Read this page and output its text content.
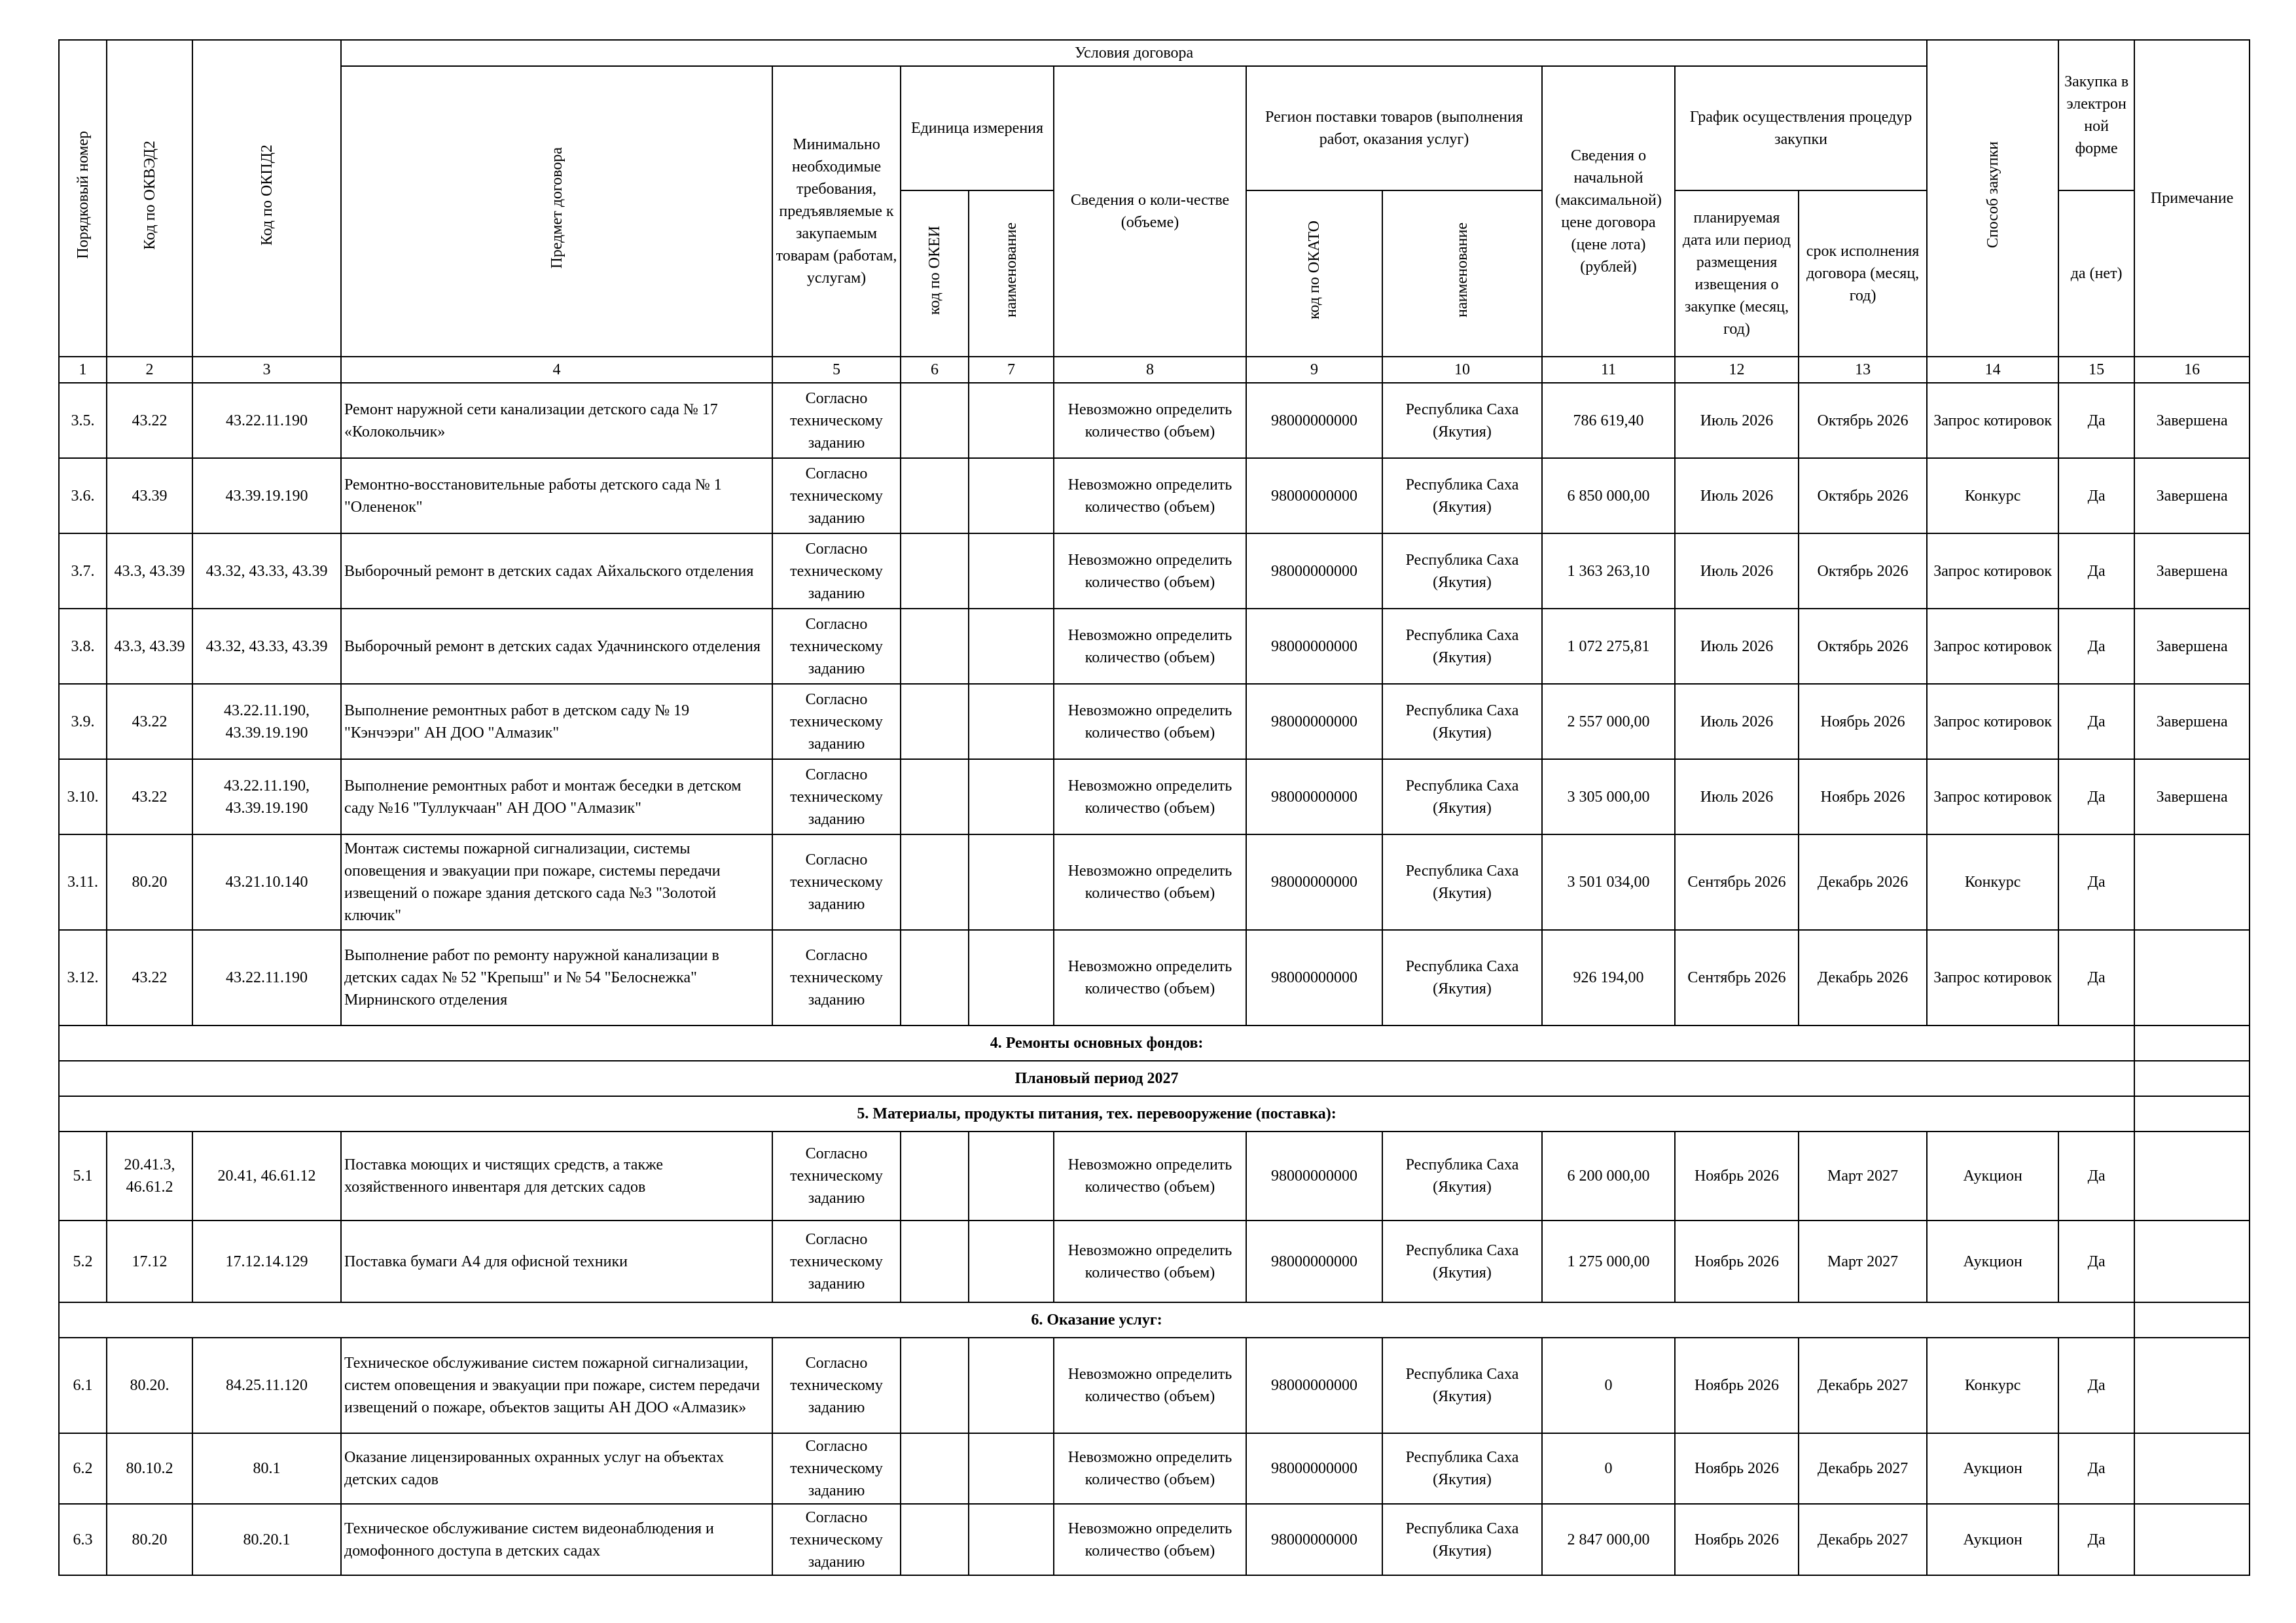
Порядковый номер	Код по ОКВЭД2	Код по ОКПД2	Условия договора										Способ закупки	Закупка в электрон ной форме	Примечание
			Предмет договора	Минимально необходимые требования, предъявляемые к закупаемым товарам (работам, услугам)	Единица измерения		Сведения о коли-честве (объеме)	Регион поставки товаров (выполнения работ, оказания услуг)		Сведения о начальной (максимальной) цене договора (цене лота) (рублей)	График осуществления процедур закупки				
					код по ОКЕИ	наименование		код по ОКАТО	наименование		планируемая дата или период размещения извещения о закупке (месяц, год)	срок исполнения договора (месяц, год)		да (нет)	
1	2	3	4	5	6	7	8	9	10	11	12	13	14	15	16
3.5.	43.22	43.22.11.190	Ремонт наружной сети канализации детского сада № 17 «Колокольчик»	Согласно техническому заданию			Невозможно определить количество (объем)	98000000000	Республика Саха (Якутия)	786 619,40	Июль 2026	Октябрь 2026	Запрос котировок	Да	Завершена
3.6.	43.39	43.39.19.190	Ремонтно-восстановительные работы детского сада № 1 "Олененок"	Согласно техническому заданию			Невозможно определить количество (объем)	98000000000	Республика Саха (Якутия)	6 850 000,00	Июль 2026	Октябрь 2026	Конкурс	Да	Завершена
3.7.	43.3, 43.39	43.32, 43.33, 43.39	Выборочный ремонт в детских садах Айхальского отделения	Согласно техническому заданию			Невозможно определить количество (объем)	98000000000	Республика Саха (Якутия)	1 363 263,10	Июль 2026	Октябрь 2026	Запрос котировок	Да	Завершена
3.8.	43.3, 43.39	43.32, 43.33, 43.39	Выборочный ремонт в детских садах Удачнинского отделения	Согласно техническому заданию			Невозможно определить количество (объем)	98000000000	Республика Саха (Якутия)	1 072 275,81	Июль 2026	Октябрь 2026	Запрос котировок	Да	Завершена
3.9.	43.22	43.22.11.190, 43.39.19.190	Выполнение ремонтных работ в детском саду № 19 "Кэнчээри" АН ДОО "Алмазик"	Согласно техническому заданию			Невозможно определить количество (объем)	98000000000	Республика Саха (Якутия)	2 557 000,00	Июль 2026	Ноябрь 2026	Запрос котировок	Да	Завершена
3.10.	43.22	43.22.11.190, 43.39.19.190	Выполнение ремонтных работ и монтаж беседки в детском саду №16 "Туллукчаан" АН ДОО "Алмазик"	Согласно техническому заданию			Невозможно определить количество (объем)	98000000000	Республика Саха (Якутия)	3 305 000,00	Июль 2026	Ноябрь 2026	Запрос котировок	Да	Завершена
3.11.	80.20	43.21.10.140	Монтаж системы пожарной сигнализации, системы оповещения и эвакуации при пожаре, системы передачи извещений о пожаре здания детского сада №3 "Золотой ключик"	Согласно техническому заданию			Невозможно определить количество (объем)	98000000000	Республика Саха (Якутия)	3 501 034,00	Сентябрь 2026	Декабрь 2026	Конкурс	Да	
3.12.	43.22	43.22.11.190	Выполнение работ по ремонту наружной канализации в детских садах № 52 "Крепыш" и № 54 "Белоснежка" Мирнинского отделения	Согласно техническому заданию			Невозможно определить количество (объем)	98000000000	Республика Саха (Якутия)	926 194,00	Сентябрь 2026	Декабрь 2026	Запрос котировок	Да	
4. Ремонты основных фондов:															
Плановый период 2027															
5. Материалы, продукты питания, тех. перевооружение (поставка):															
5.1	20.41.3, 46.61.2	20.41, 46.61.12	Поставка моющих и чистящих средств, а также хозяйственного инвентаря для детских садов	Согласно техническому заданию			Невозможно определить количество (объем)	98000000000	Республика Саха (Якутия)	6 200 000,00	Ноябрь 2026	Март 2027	Аукцион	Да	
5.2	17.12	17.12.14.129	Поставка бумаги А4 для офисной техники	Согласно техническому заданию			Невозможно определить количество (объем)	98000000000	Республика Саха (Якутия)	1 275 000,00	Ноябрь 2026	Март 2027	Аукцион	Да	
6. Оказание услуг:															
6.1	80.20.	84.25.11.120	Техническое обслуживание систем пожарной сигнализации, систем оповещения и эвакуации при пожаре, систем передачи извещений о пожаре, объектов защиты АН ДОО «Алмазик»	Согласно техническому заданию			Невозможно определить количество (объем)	98000000000	Республика Саха (Якутия)	0	Ноябрь 2026	Декабрь 2027	Конкурс	Да	
6.2	80.10.2	80.1	Оказание лицензированных охранных услуг на объектах детских садов	Согласно техническому заданию			Невозможно определить количество (объем)	98000000000	Республика Саха (Якутия)	0	Ноябрь 2026	Декабрь 2027	Аукцион	Да	
6.3	80.20	80.20.1	Техническое обслуживание систем видеонаблюдения и домофонного доступа в детских садах	Согласно техническому заданию			Невозможно определить количество (объем)	98000000000	Республика Саха (Якутия)	2 847 000,00	Ноябрь 2026	Декабрь 2027	Аукцион	Да	
